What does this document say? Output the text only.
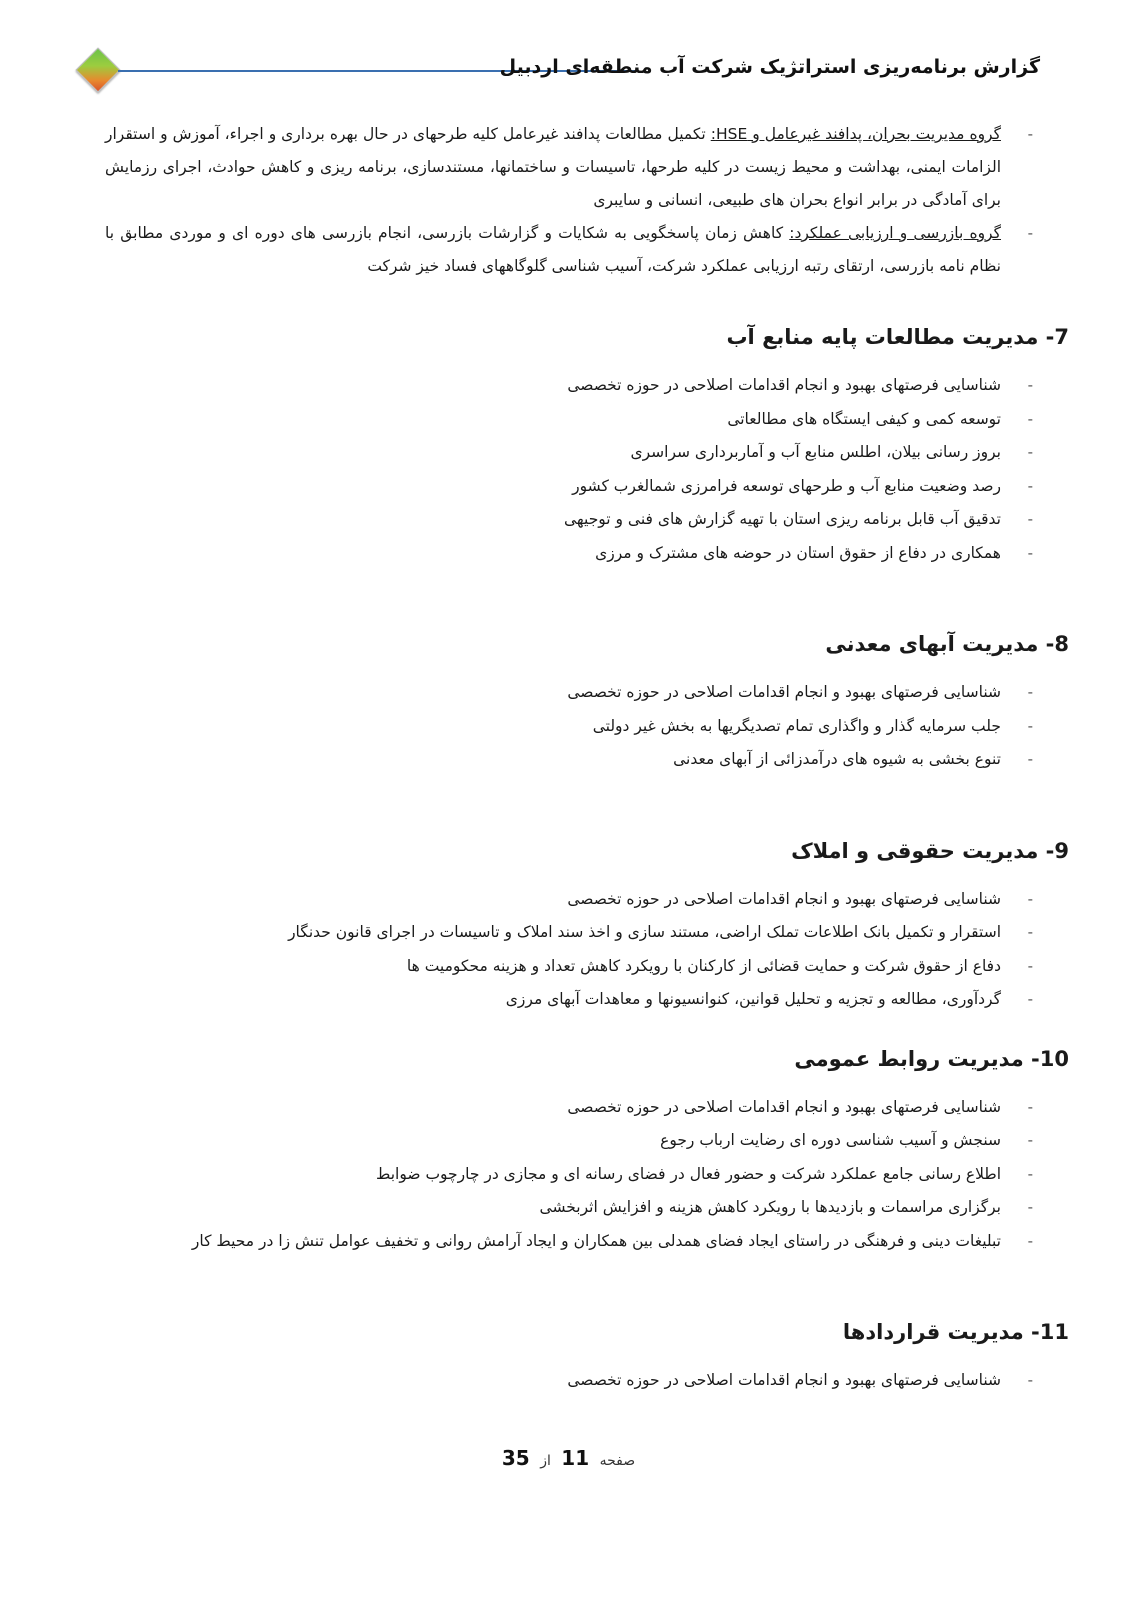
گزارش برنامه‌ریزی استراتژیک شرکت آب منطقه‌ای اردبیل
-
گروه مدیریت بحران، پدافند غیرعامل و HSE: تکمیل مطالعات پدافند غیرعامل کلیه طرحهای در حال بهره برداری و اجراء، آموزش و استقرار الزامات ایمنی، بهداشت و محیط زیست در کلیه طرحها، تاسیسات و ساختمانها، مستندسازی، برنامه ریزی و کاهش حوادث، اجرای رزمایش برای آمادگی در برابر انواع بحران های طبیعی، انسانی و سایبری
-
گروه بازرسی و ارزیابی عملکرد: کاهش زمان پاسخگویی به شکایات و گزارشات بازرسی، انجام بازرسی های دوره ای و موردی مطابق با نظام نامه بازرسی، ارتقای رتبه ارزیابی عملکرد شرکت، آسیب شناسی گلوگاههای فساد خیز شرکت
7- مدیریت مطالعات پایه منابع آب
-
شناسایی فرصتهای بهبود و انجام اقدامات اصلاحی در حوزه تخصصی
-
توسعه کمی و کیفی ایستگاه های مطالعاتی
-
بروز رسانی بیلان، اطلس منابع آب و آماربرداری سراسری
-
رصد وضعیت منابع آب و طرحهای توسعه فرامرزی شمالغرب کشور
-
تدقیق آب قابل برنامه ریزی استان با تهیه گزارش های فنی و توجیهی
-
همکاری در دفاع از حقوق استان در حوضه های مشترک و مرزی
8- مدیریت آبهای معدنی
-
شناسایی فرصتهای بهبود و انجام اقدامات اصلاحی در حوزه تخصصی
-
جلب سرمایه گذار و واگذاری تمام تصدیگریها به بخش غیر دولتی
-
تنوع بخشی به شیوه های درآمدزائی از آبهای معدنی
9- مدیریت حقوقی و املاک
-
شناسایی فرصتهای بهبود و انجام اقدامات اصلاحی در حوزه تخصصی
-
استقرار و تکمیل بانک اطلاعات تملک اراضی، مستند سازی و اخذ سند املاک و تاسیسات در اجرای قانون حدنگار
-
دفاع از حقوق شرکت و حمایت قضائی از کارکنان با رویکرد کاهش تعداد و هزینه محکومیت ها
-
گردآوری، مطالعه و تجزیه و تحلیل قوانین، کنوانسیونها و معاهدات آبهای مرزی
10- مدیریت روابط عمومی
-
شناسایی فرصتهای بهبود و انجام اقدامات اصلاحی در حوزه تخصصی
-
سنجش و آسیب شناسی دوره ای رضایت ارباب رجوع
-
اطلاع رسانی جامع عملکرد شرکت و حضور فعال در فضای رسانه ای و مجازی در چارچوب ضوابط
-
برگزاری مراسمات و بازدیدها با رویکرد کاهش هزینه و افزایش اثربخشی
-
تبلیغات دینی و فرهنگی در راستای ایجاد فضای همدلی بین همکاران و ایجاد آرامش روانی و تخفیف عوامل تنش زا در محیط کار
11- مدیریت قراردادها
-
شناسایی فرصتهای بهبود و انجام اقدامات اصلاحی در حوزه تخصصی
صفحه 11 از 35
